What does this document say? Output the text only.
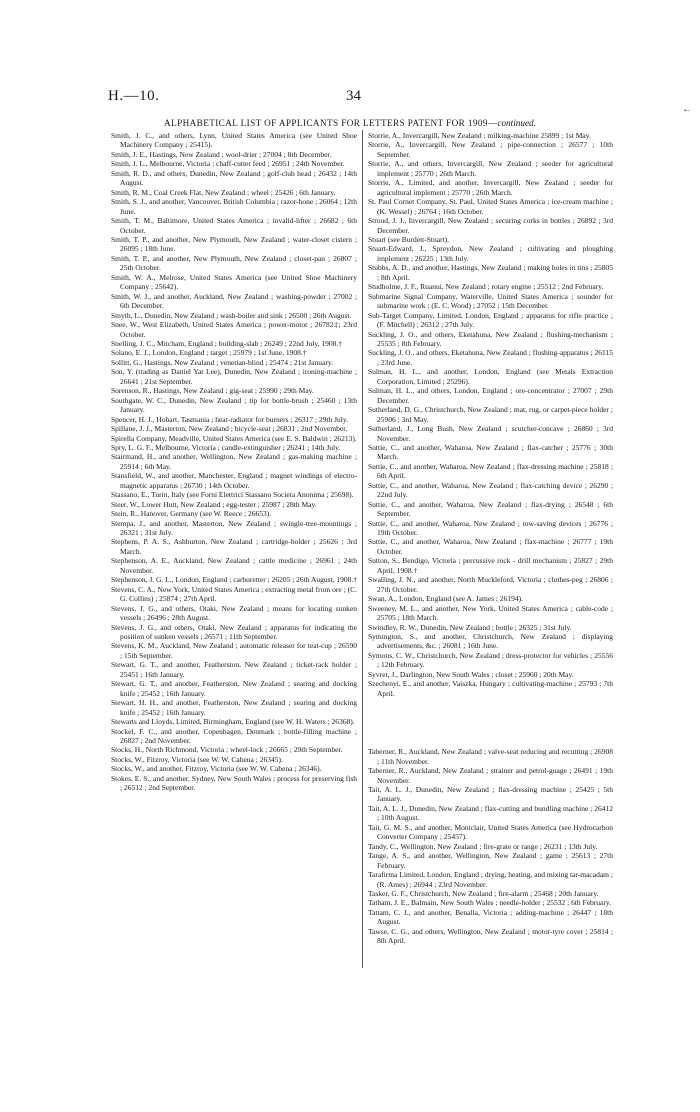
H.—10.	34
←
ALPHABETICAL LIST OF APPLICANTS FOR LETTERS PATENT FOR 1909—continued.

Smith, J. C., and others, Lynn, United States America (see United Shoe Machinery Company ; 25415).

Smith, J. E., Hastings, New Zealand ; wool-drier ; 27004 ; 8th December.

Smith, J. L., Melbourne, Victoria ; chaff-cutter feed ; 26951 ; 24th November.

Smith, R. D., and others, Dunedin, New Zealand ; golf-club head ; 26432 ; 14th August.

Smith, R. M., Coal Creek Flat, New Zealand ; wheel ; 25426 ; 6th January.

Smith, S. J., and another, Vancouver, British Columbia ; razor-hone ; 26064 ; 12th June.

Smith, T. M., Baltimore, United States America ; invalid-lifter ; 26682 ; 6th October.

Smith, T. P., and another, New Plymouth, New Zealand ; water-closet cistern ; 26095 ; 18th June.

Smith, T. P., and another, New Plymouth, New Zealand ; closet-pan ; 26807 ; 25th October.

Smith, W. A., Melrose, United States America (see United Shoe Machinery Company ; 25642).

Smith, W. J., and another, Auckland, New Zealand ; washing-powder ; 27002 ; 6th December.

Smyth, L., Dunedin, New Zealand ; wash-boiler and sink ; 26500 ; 26th August.

Snee, W., West Elizabeth, United States America ; power-motor ; 26782‡; 23rd October.

Snelling, J. C., Mitcham, England ; building-slab ; 26249 ; 22nd July, 1908.†

Solano, E. J., London, England ; target ; 25979 ; 1st June, 1908.†

Sollitt, G., Hastings, New Zealand ; venetian-blind ; 25474 ; 21st January.

Son, Y. (trading as Daniel Yat Lee), Dunedin, New Zealand ; ironing-machine ; 26641 ; 21st September.

Sorenson, R., Hastings, New Zealand ; gig-seat ; 25990 ; 29th May.

Southgate, W. C., Dunedin, New Zealand ; tip for bottle-brush ; 25460 ; 13th January.

Spencer, H. J., Hobart, Tasmania ; heat-radiator for burners ; 26317 ; 29th July.

Spillane, J. J., Masterton, New Zealand ; bicycle-seat ; 26831 ; 2nd November.

Spirella Company, Meadville, United States America (see E. S. Baldwin ; 26213).

Spry, L. G. F., Melbourne, Victoria ; candle-extinguisher ; 26241 ; 14th July.

Stairmand, H., and another, Wellington, New Zealand ; gas-making machine ; 25914 ; 6th May.

Stansfield, W., and another, Manchester, England ; magnet windings of electro-magnetic apparatus ; 26730 ; 14th October.

Stassano, E., Turin, Italy (see Forni Elettrici Stassano Societa Anonima ; 25698).

Steer, W., Lower Hutt, New Zealand ; egg-tester ; 25987 ; 28th May.

Stein, R., Hanover, Germany (see W. Reece ; 26653).

Stempa, J., and another, Masterton, New Zealand ; swingle-tree-mountings ; 26321 ; 31st July.

Stephens, P. A. S., Ashburton, New Zealand ; cartridge-holder ; 25626 ; 3rd March.

Stephenson, A. E., Auckland, New Zealand ; cattle medicine ; 26961 ; 24th November.

Stephenson, J. G. L., London, England ; carburetter ; 26205 ; 26th August, 1908.†

Stevens, C. A., New York, United States America ; extracting metal from ore ; (C. G. Collins) ; 25874 ; 27th April.

Stevens, J. G., and others, Otaki, New Zealand ; means for locating sunken vessels ; 26496 ; 28th August.

Stevens, J. G., and others, Otaki, New Zealand ; apparatus for indicating the position of sunken vessels ; 26571 ; 11th September.

Stevens, K. M., Auckland, New Zealand ; automatic releaser for teat-cup ; 26590 ; 15th September.

Stewart, G. T., and another, Featherston, New Zealand ; ticket-rack holder ; 25451 ; 16th January.

Stewart, G. T., and another, Featherston, New Zealand ; searing and docking knife ; 25452 ; 16th January.

Stewart, H. H., and another, Featherston, New Zealand ; searing and docking knife ; 25452 ; 16th January.

Stewarts and Lloyds, Limited, Birmingham, England (see W. H. Waters ; 26368).

Stockel, F. C., and another, Copenhagen, Denmark ; bottle-filling machine ; 26827 ; 2nd November.

Stocks, H., North Richmond, Victoria ; wheel-lock ; 26665 ; 29th September.

Stocks, W., Fitzroy, Victoria (see W. W. Cabena ; 26345).

Stocks, W., and another, Fitzroy, Victoria (see W. W. Cabena ; 26346).

Stokes, E. S., and another, Sydney, New South Wales ; process for preserving fish ; 26512 ; 2nd September.

Storrie, A., Invercargill, New Zealand ; milking-machine 25899 ; 1st May.

Storrie, A., Invercargill, New Zealand ; pipe-connection ; 26577 ; 10th September.

Storrie, A., and others, Invercargill, New Zealand ; seeder for agricultural implement ; 25770 ; 26th March.

Storrie, A., Limited, and another, Invercargill, New Zealand ; seeder for agricultural implement ; 25770 ; 26th March.

St. Paul Cornet Company, St. Paul, United States America ; ice-cream machine ; (K. Wessel) ; 26764 ; 16th October.

Stroud, J. J., Invercargill, New Zealand ; securing corks in bottles ; 26892 ; 3rd December.

Stuart (see Burdett-Stuart).

Stuart-Edward, J., Spreydon, New Zealand ; cultivating and ploughing implement ; 26225 ; 13th July.

Stubbs, A. D., and another, Hastings, New Zealand ; making holes in tins ; 25805 ; 8th April.

Studholme, J. F., Ruanui, New Zealand ; rotary engine ; 25512 ; 2nd February.

Submarine Signal Company, Waterville, United States America ; sounder for submarine work ; (E. C. Wood) ; 27052 ; 15th December.

Sub-Target Company, Limited, London, England ; apparatus for rifle practice ; (F. Mitchell) ; 26312 ; 27th July.

Suckling, J. O., and others, Eketahuna, New Zealand ; flushing-mechanism ; 25535 ; 8th February.

Suckling, J. O., and others, Eketahuna, New Zealand ; flushing-apparatus ; 26115 ; 23rd June.

Sulman, H. L., and another, London, England (see Metals Extraction Corporation, Limited ; 25296).

Sulman, H. L., and others, London, England ; ore-concentrator ; 27007 ; 29th December.

Sutherland, D. G., Christchurch, New Zealand ; mat, rug, or carpet-piece holder ; 25906 ; 3rd May.

Sutherland, J., Long Bush, New Zealand ; scutcher-concave ; 26860 ; 3rd November.

Suttie, C., and another, Waharoa, New Zealand ; flax-catcher ; 25776 ; 30th March.

Suttie, C., and another, Waharoa, New Zealand ; flax-dressing machine ; 25818 ; 6th April.

Suttie, C., and another, Waharoa, New Zealand ; flax-catching device ; 26290 ; 22nd July.

Suttie, C., and another, Waharoa, New Zealand ; flax-drying ; 26548 ; 6th September.

Suttie, C., and another, Waharoa, New Zealand ; tow-saving devices ; 26776 ; 19th October.

Suttie, C., and another, Waharoa, New Zealand ; flax-machine ; 26777 ; 19th October.

Sutton, S., Bendigo, Victoria ; percussive rock - drill mechanism ; 25827 ; 29th April, 1908.†

Swalling, J. N., and another, North Muckleford, Victoria ; clothes-peg ; 26806 ; 27th October.

Swan, A., London, England (see A. James ; 26194).

Sweeney, M. L., and another, New York, United States America ; cable-code ; 25705 ; 18th March.

Swindley, R. W., Dunedin, New Zealand ; bottle ; 26325 ; 31st July.

Symington, S., and another, Christchurch, New Zealand ; displaying advertisements, &c. ; 26081 ; 16th June.

Symons, C. W., Christchurch, New Zealand ; dress-protector for vehicles ; 25556 ; 12th February.

Syvret, J., Darlington, New South Wales ; closet ; 25960 ; 20th May.

Szechenyi, E., and another, Vaiszka, Hungary ; cultivating-machine ; 25793 ; 7th April.

Taberner, R., Auckland, New Zealand ; valve-seat reducing and recutting ; 26908 ; 11th November.

Taberner, R., Auckland, New Zealand ; strainer and petrol-guage ; 26491 ; 19th November.

Tait, A. L. J., Dunedin, New Zealand ; flax-dressing machine ; 25425 ; 5th January.

Tait, A. L. J., Dunedin, New Zealand ; flax-cutting and bundling machine ; 26412 ; 10th August.

Tait, G. M. S., and another, Montclair, United States America (see Hydrocarbon Converter Company ; 25457).

Tandy, C., Wellington, New Zealand ; fire-grate or range ; 26231 ; 13th July.

Tange, A. S., and another, Wellington, New Zealand ; game ; 25613 ; 27th February.

Tarafirma Limited, London, England ; drying, heating, and mixing tar-macadam ; (R. Ames) ; 26944 ; 23rd November.

Tasker, G. F., Christchurch, New Zealand ; fire-alarm ; 25468 ; 20th January.

Tatham, J. E., Balmain, New South Wales ; needle-holder ; 25532 ; 6th February.

Tattam, C. J., and another, Benalla, Victoria ; adding-machine ; 26447 ; 18th August.

Tawse, C. G., and others, Wellington, New Zealand ; motor-tyre cover ; 25814 ; 8th April.
